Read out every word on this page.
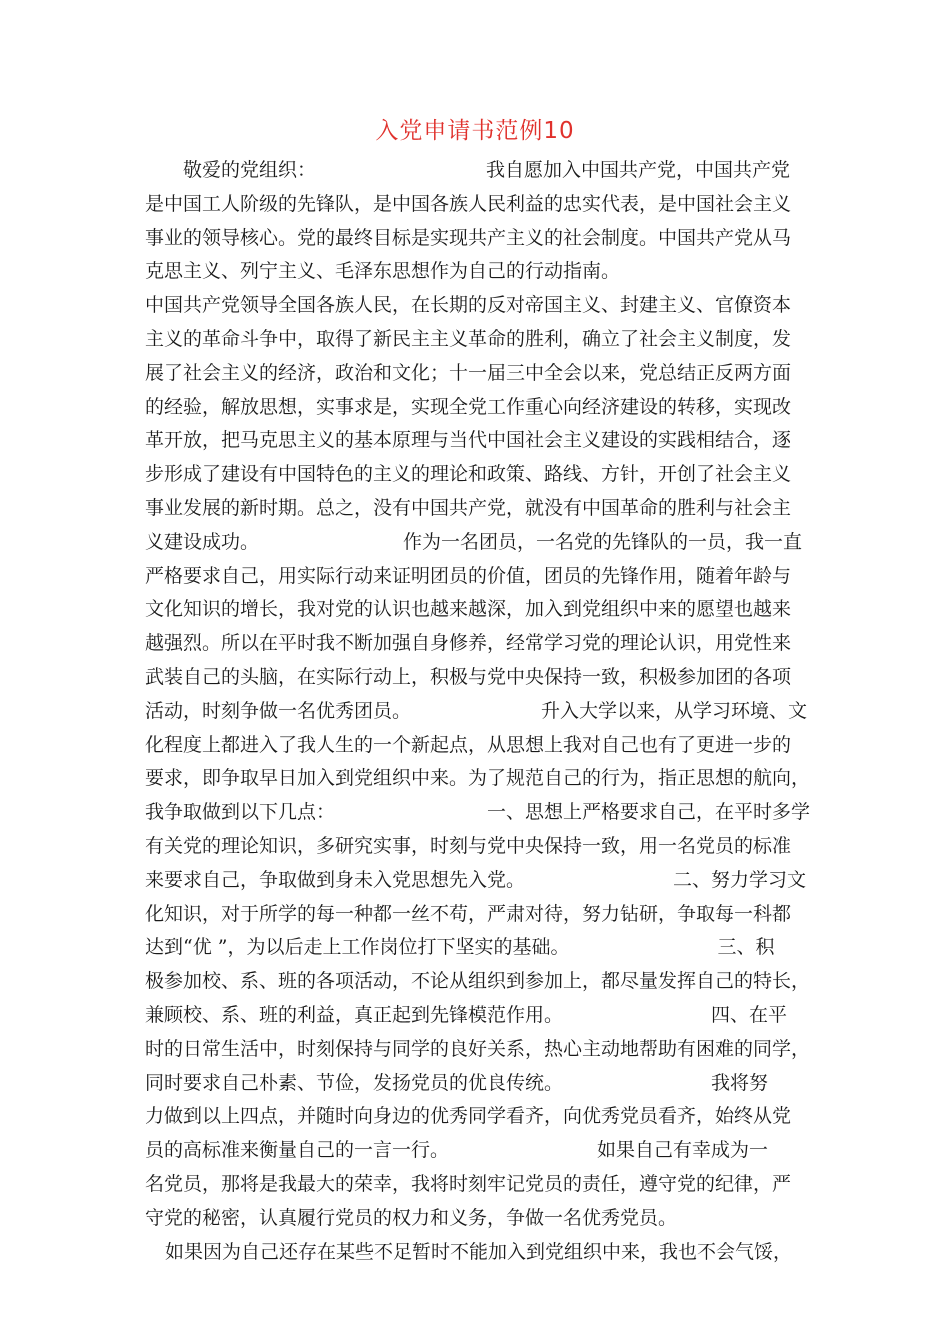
入党申请书范例10
敬爱的党组织：	我自愿加入中国共产党，中国共产党
是中国工人阶级的先锋队，是中国各族人民利益的忠实代表，是中国社会主义
事业的领导核心。党的最终目标是实现共产主义的社会制度。中国共产党从马
克思主义、列宁主义、毛泽东思想作为自己的行动指南。
中国共产党领导全国各族人民，在长期的反对帝国主义、封建主义、官僚资本
主义的革命斗争中，取得了新民主主义革命的胜利，确立了社会主义制度，发
展了社会主义的经济，政治和文化；十一届三中全会以来，党总结正反两方面
的经验，解放思想，实事求是，实现全党工作重心向经济建设的转移，实现改
革开放，把马克思主义的基本原理与当代中国社会主义建设的实践相结合，逐
步形成了建设有中国特色的主义的理论和政策、路线、方针，开创了社会主义
事业发展的新时期。总之，没有中国共产党，就没有中国革命的胜利与社会主
义建设成功。	作为一名团员，一名党的先锋队的一员，我一直
严格要求自己，用实际行动来证明团员的价值，团员的先锋作用，随着年龄与
文化知识的增长，我对党的认识也越来越深，加入到党组织中来的愿望也越来
越强烈。所以在平时我不断加强自身修养，经常学习党的理论认识，用党性来
武装自己的头脑，在实际行动上，积极与党中央保持一致，积极参加团的各项
活动，时刻争做一名优秀团员。	升入大学以来，从学习环境、文
化程度上都进入了我人生的一个新起点，从思想上我对自己也有了更进一步的
要求，即争取早日加入到党组织中来。为了规范自己的行为，指正思想的航向，
我争取做到以下几点：	一、思想上严格要求自己，在平时多学
有关党的理论知识，多研究实事，时刻与党中央保持一致，用一名党员的标准
来要求自己，争取做到身未入党思想先入党。	二、努力学习文
化知识，对于所学的每一种都一丝不苟，严肃对待，努力钻研，争取每一科都
达到“优 ”，为以后走上工作岗位打下坚实的基础。	三、积
极参加校、系、班的各项活动，不论从组织到参加上，都尽量发挥自己的特长，
兼顾校、系、班的利益，真正起到先锋模范作用。	四、在平
时的日常生活中，时刻保持与同学的良好关系，热心主动地帮助有困难的同学，
同时要求自己朴素、节俭，发扬党员的优良传统。	我将努
力做到以上四点，并随时向身边的优秀同学看齐，向优秀党员看齐，始终从党
员的高标准来衡量自己的一言一行。	如果自己有幸成为一
名党员，那将是我最大的荣幸，我将时刻牢记党员的责任，遵守党的纪律，严
守党的秘密，认真履行党员的权力和义务，争做一名优秀党员。
如果因为自己还存在某些不足暂时不能加入到党组织中来，我也不会气馁，
